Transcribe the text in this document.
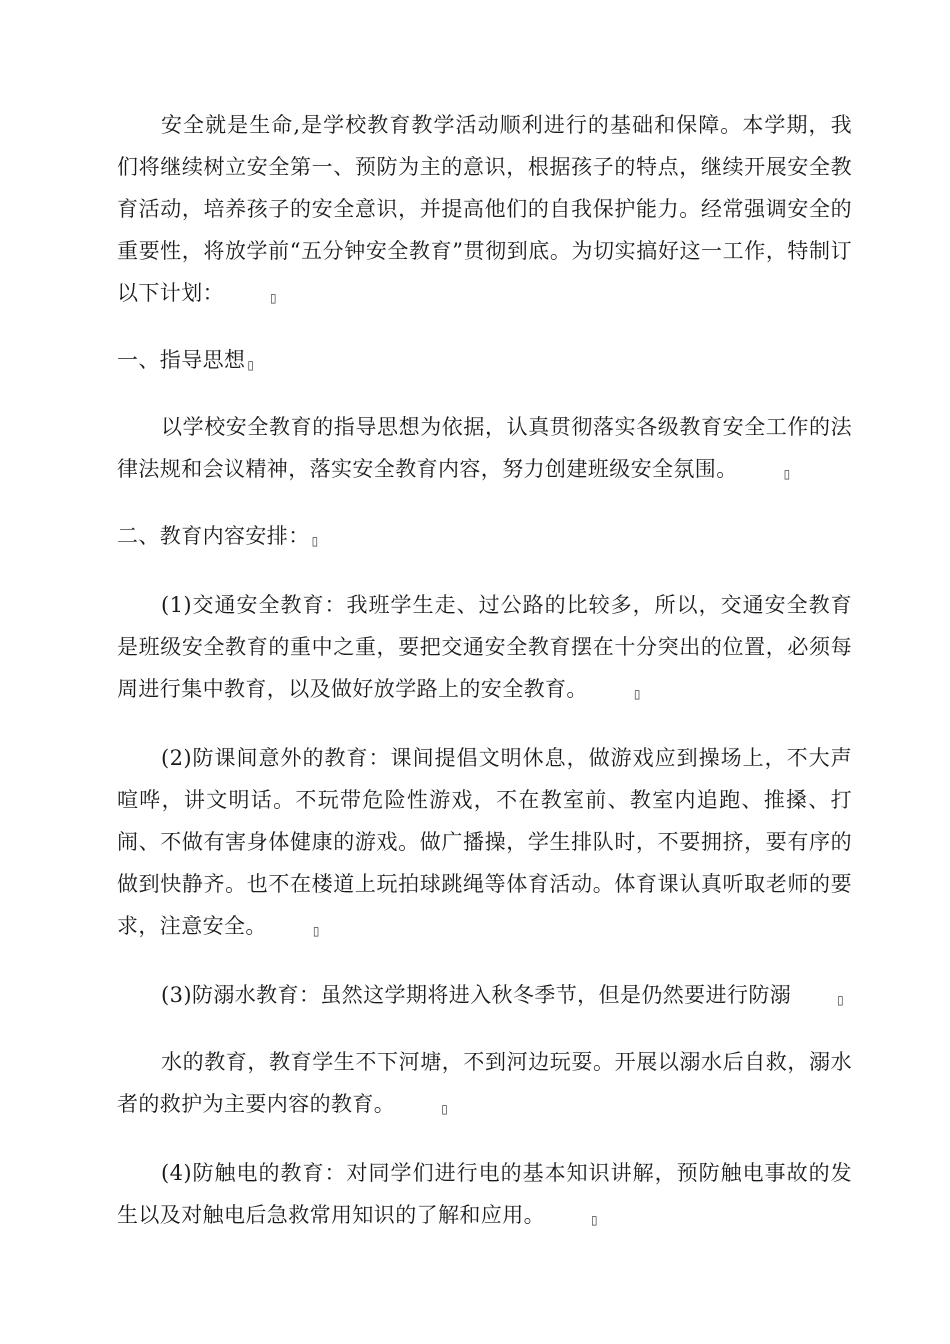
安全就是生命,是学校教育教学活动顺利进行的基础和保障。本学期，我们将继续树立安全第一、预防为主的意识，根据孩子的特点，继续开展安全教育活动，培养孩子的安全意识，并提高他们的自我保护能力。经常强调安全的重要性，将放学前“五分钟安全教育”贯彻到底。为切实搞好这一工作，特制订以下计划：	▯

一、指导思想 ▯

以学校安全教育的指导思想为依据，认真贯彻落实各级教育安全工作的法律法规和会议精神，落实安全教育内容，努力创建班级安全氛围。	▯

二、教育内容安排： ▯

(1)交通安全教育：我班学生走、过公路的比较多，所以，交通安全教育是班级安全教育的重中之重，要把交通安全教育摆在十分突出的位置，必须每周进行集中教育，以及做好放学路上的安全教育。	▯

(2)防课间意外的教育：课间提倡文明休息，做游戏应到操场上，不大声喧哗，讲文明话。不玩带危险性游戏，不在教室前、教室内追跑、推搡、打闹、不做有害身体健康的游戏。做广播操，学生排队时，不要拥挤，要有序的做到快静齐。也不在楼道上玩拍球跳绳等体育活动。体育课认真听取老师的要求，注意安全。	▯

(3)防溺水教育：虽然这学期将进入秋冬季节，但是仍然要进行防溺	▯

水的教育，教育学生不下河塘，不到河边玩耍。开展以溺水后自救，溺水者的救护为主要内容的教育。	▯

(4)防触电的教育：对同学们进行电的基本知识讲解，预防触电事故的发生以及对触电后急救常用知识的了解和应用。	▯
